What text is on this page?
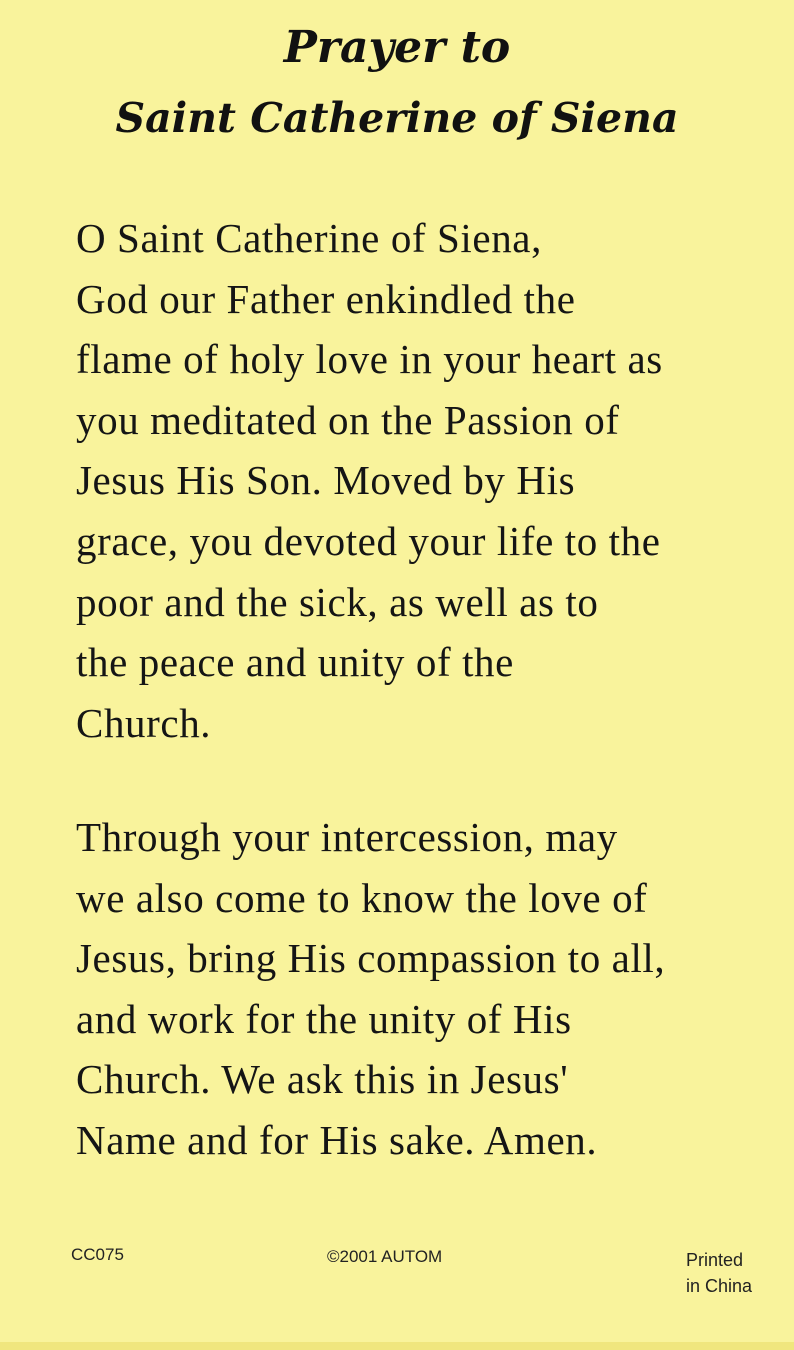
Prayer to
Saint Catherine of Siena

O Saint Catherine of Siena,
God our Father enkindled the
flame of holy love in your heart as
you meditated on the Passion of
Jesus His Son. Moved by His
grace, you devoted your life to the
poor and the sick, as well as to
the peace and unity of the
Church.

Through your intercession, may
we also come to know the love of
Jesus, bring His compassion to all,
and work for the unity of His
Church. We ask this in Jesus'
Name and for His sake. Amen.

CC075	©2001 AUTOM	Printed
in China
